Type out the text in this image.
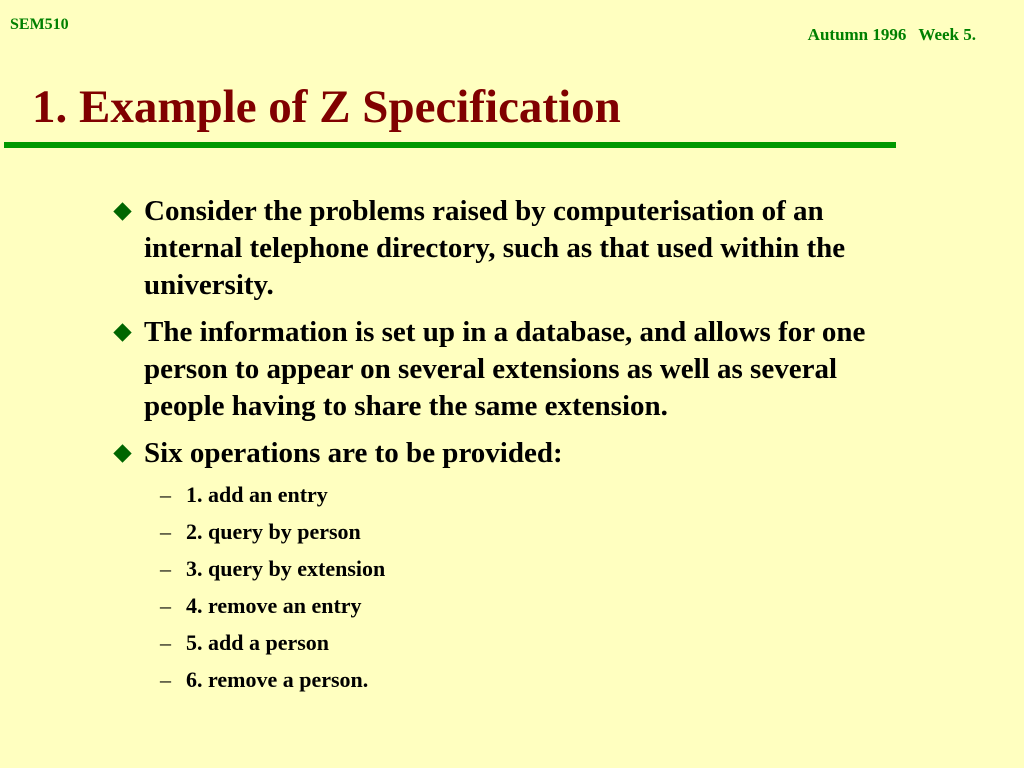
SEM510
Autumn 1996 Week 5.
1. Example of Z Specification
Consider the problems raised by computerisation of an internal telephone directory, such as that used within the university.
The information is set up in a database, and allows for one person to appear on several extensions as well as several people having to share the same extension.
Six operations are to be provided:
– 1. add an entry
– 2. query by person
– 3. query by extension
– 4. remove an entry
– 5. add a person
– 6. remove a person.
